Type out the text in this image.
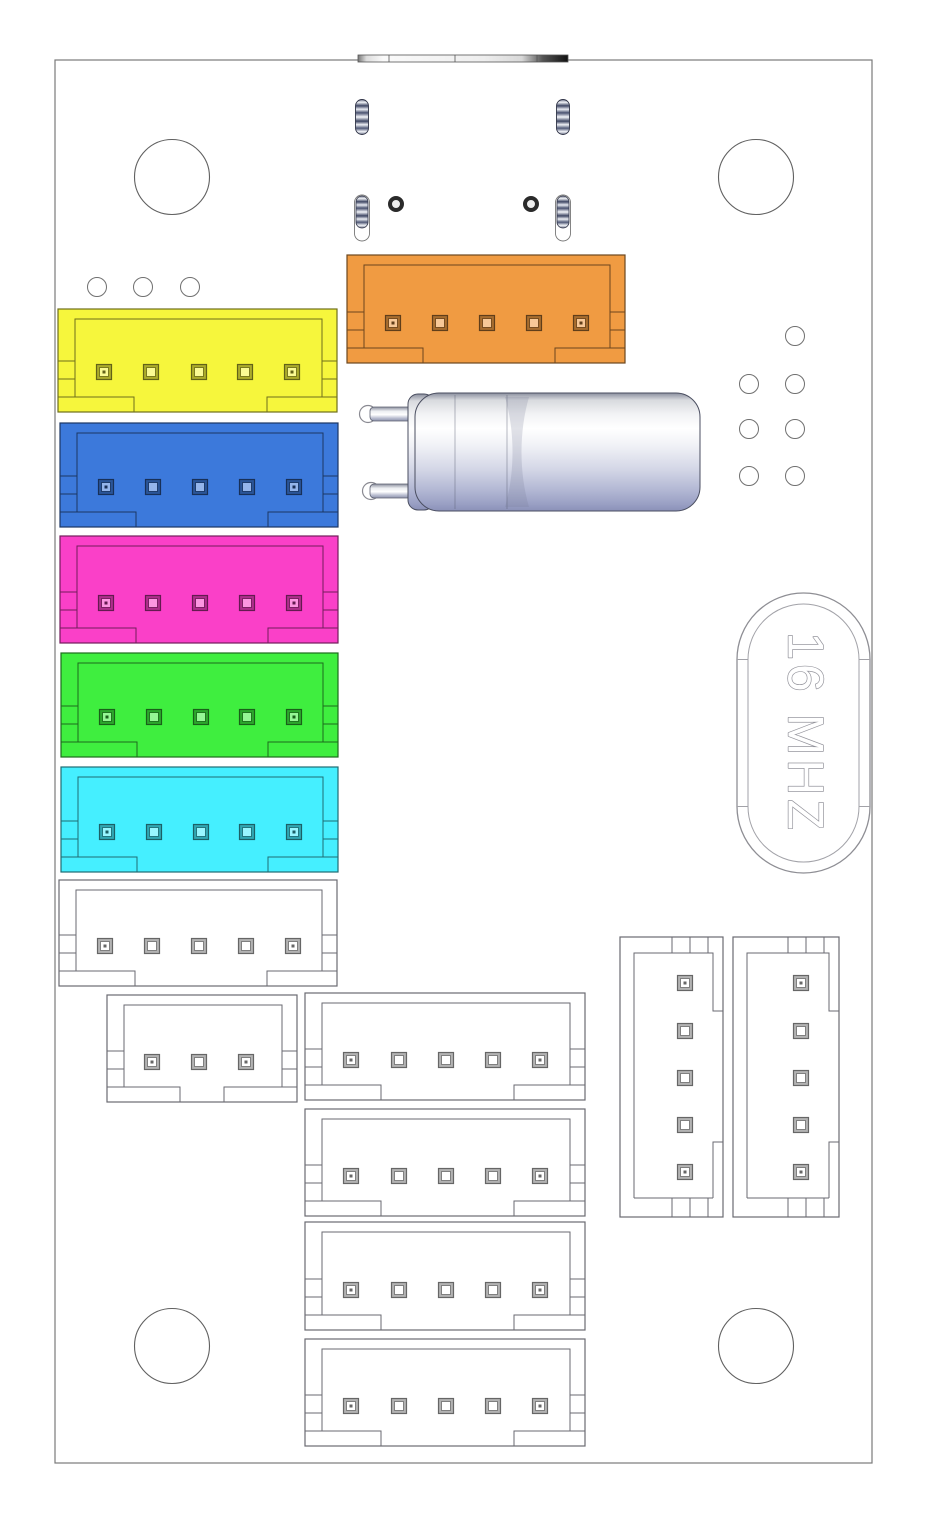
16 MHZ
